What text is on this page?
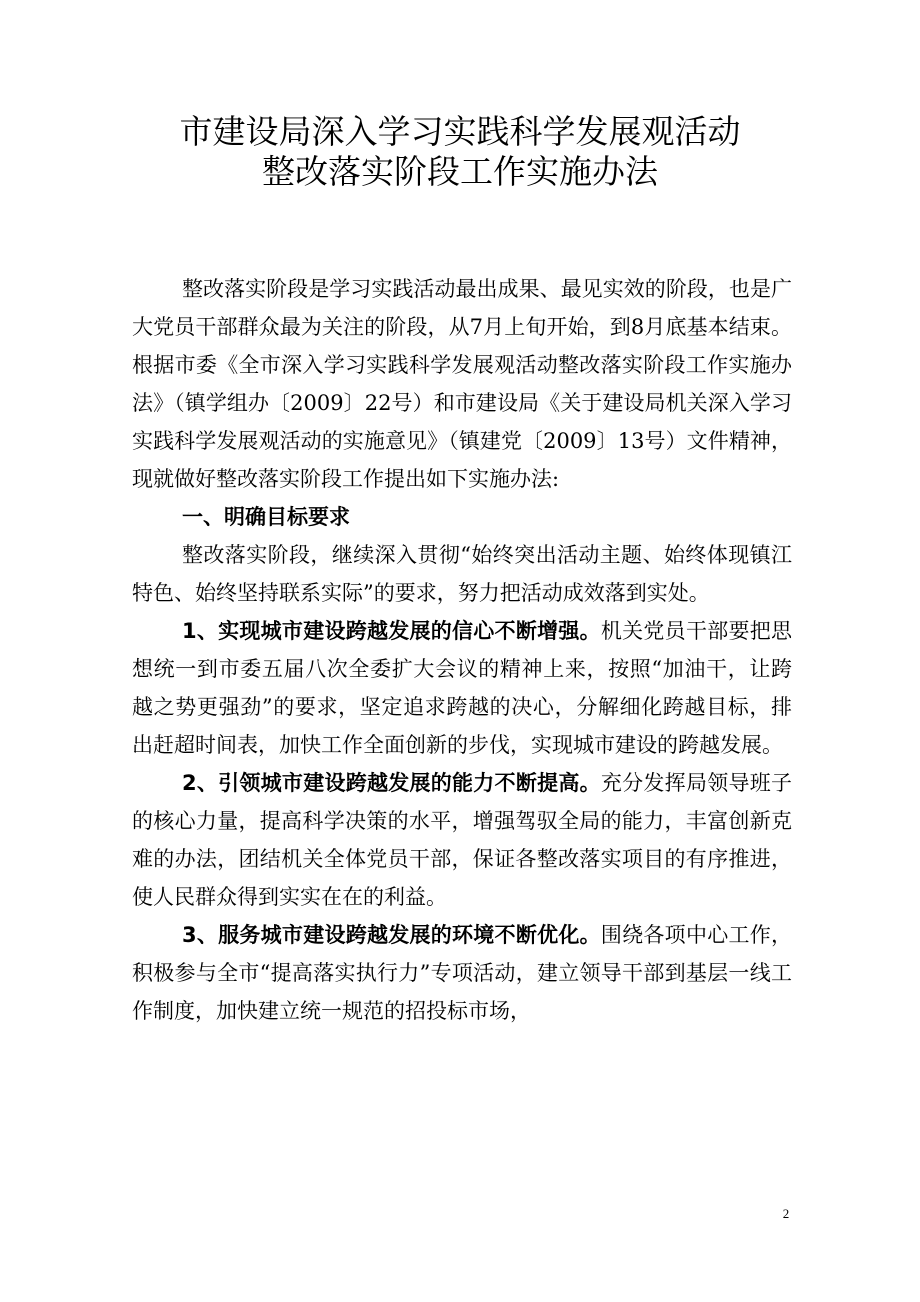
市建设局深入学习实践科学发展观活动
整改落实阶段工作实施办法

整改落实阶段是学习实践活动最出成果、最见实效的阶段，也是广大党员干部群众最为关注的阶段，从7月上旬开始，到8月底基本结束。根据市委《全市深入学习实践科学发展观活动整改落实阶段工作实施办法》（镇学组办〔2009〕22号）和市建设局《关于建设局机关深入学习实践科学发展观活动的实施意见》（镇建党〔2009〕13号）文件精神，现就做好整改落实阶段工作提出如下实施办法:

一、明确目标要求

整改落实阶段，继续深入贯彻“始终突出活动主题、始终体现镇江特色、始终坚持联系实际”的要求，努力把活动成效落到实处。

1、实现城市建设跨越发展的信心不断增强。机关党员干部要把思想统一到市委五届八次全委扩大会议的精神上来，按照“加油干，让跨越之势更强劲”的要求，坚定追求跨越的决心，分解细化跨越目标，排出赶超时间表，加快工作全面创新的步伐，实现城市建设的跨越发展。

2、引领城市建设跨越发展的能力不断提高。充分发挥局领导班子的核心力量，提高科学决策的水平，增强驾驭全局的能力，丰富创新克难的办法，团结机关全体党员干部，保证各整改落实项目的有序推进，使人民群众得到实实在在的利益。

3、服务城市建设跨越发展的环境不断优化。围绕各项中心工作，积极参与全市“提高落实执行力”专项活动，建立领导干部到基层一线工作制度，加快建立统一规范的招投标市场，

2
